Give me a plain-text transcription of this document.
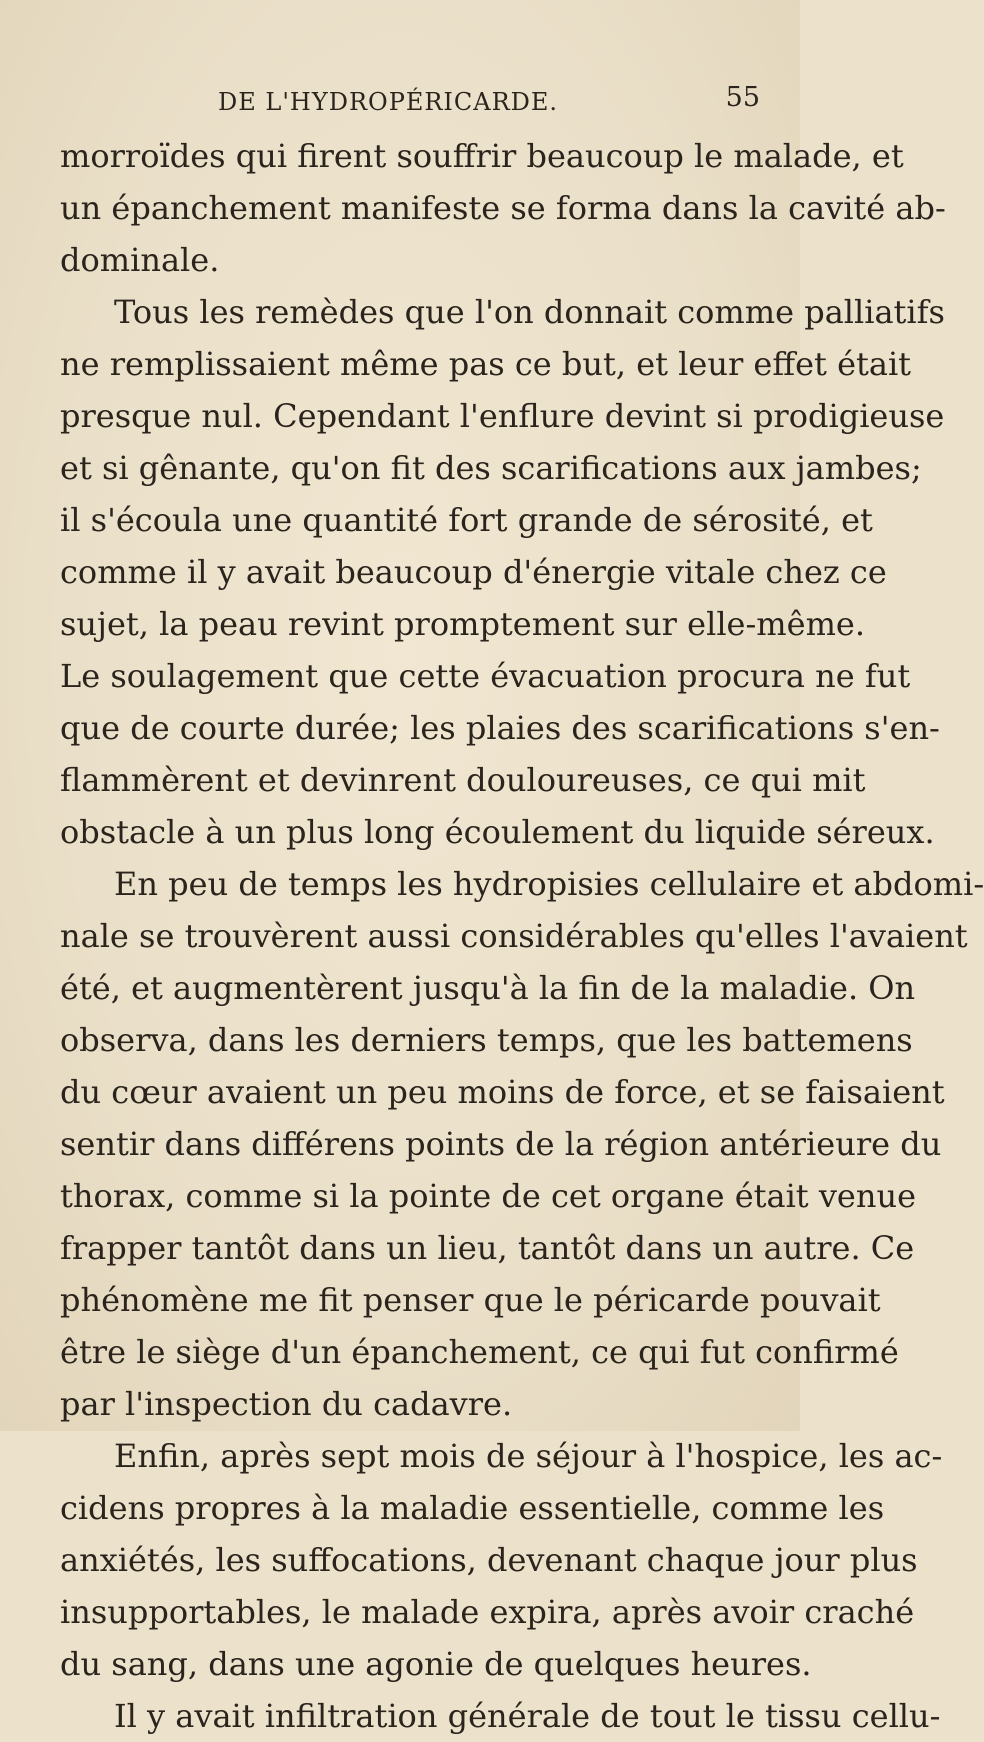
DE L'HYDROPÉRICARDE.	55
morroïdes qui firent souffrir beaucoup le malade, et
un épanchement manifeste se forma dans la cavité ab-
dominale.
Tous les remèdes que l'on donnait comme palliatifs
ne remplissaient même pas ce but, et leur effet était
presque nul. Cependant l'enflure devint si prodigieuse
et si gênante, qu'on fit des scarifications aux jambes;
il s'écoula une quantité fort grande de sérosité, et
comme il y avait beaucoup d'énergie vitale chez ce
sujet, la peau revint promptement sur elle-même.
Le soulagement que cette évacuation procura ne fut
que de courte durée; les plaies des scarifications s'en-
flammèrent et devinrent douloureuses, ce qui mit
obstacle à un plus long écoulement du liquide séreux.
En peu de temps les hydropisies cellulaire et abdomi-
nale se trouvèrent aussi considérables qu'elles l'avaient
été, et augmentèrent jusqu'à la fin de la maladie. On
observa, dans les derniers temps, que les battemens
du cœur avaient un peu moins de force, et se faisaient
sentir dans différens points de la région antérieure du
thorax, comme si la pointe de cet organe était venue
frapper tantôt dans un lieu, tantôt dans un autre. Ce
phénomène me fit penser que le péricarde pouvait
être le siège d'un épanchement, ce qui fut confirmé
par l'inspection du cadavre.
Enfin, après sept mois de séjour à l'hospice, les ac-
cidens propres à la maladie essentielle, comme les
anxiétés, les suffocations, devenant chaque jour plus
insupportables, le malade expira, après avoir craché
du sang, dans une agonie de quelques heures.
Il y avait infiltration générale de tout le tissu cellu-
